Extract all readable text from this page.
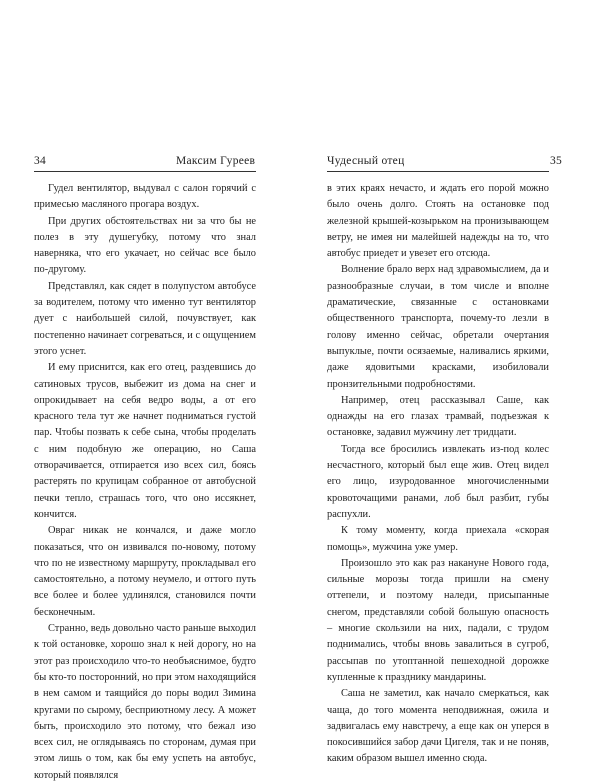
34	Максим Гуреев	Чудесный отец	35

Гудел вентилятор, выдувал с салон горячий с примесью масляного прогара воздух.

При других обстоятельствах ни за что бы не полез в эту душегубку, потому что знал наверняка, что его укачает, но сейчас все было по-другому.

Представлял, как сядет в полупустом автобусе за водителем, потому что именно тут вентилятор дует с наибольшей силой, почувствует, как постепенно начинает согреваться, и с ощущением этого уснет.

И ему приснится, как его отец, раздевшись до сатиновых трусов, выбежит из дома на снег и опрокидывает на себя ведро воды, а от его красного тела тут же начнет подниматься густой пар. Чтобы позвать к себе сына, чтобы проделать с ним подобную же операцию, но Саша отворачивается, отпирается изо всех сил, боясь растерять по крупицам собранное от автобусной печки тепло, страшась того, что оно иссякнет, кончится.

Овраг никак не кончался, и даже могло показаться, что он извивался по-новому, потому что по не известному маршруту, прокладывал его самостоятельно, а потому неумело, и оттого путь все более и более удлинялся, становился почти бесконечным.

Странно, ведь довольно часто раньше выходил к той остановке, хорошо знал к ней дорогу, но на этот раз происходило что-то необъяснимое, будто бы кто-то посторонний, но при этом находящийся в нем самом и таящийся до поры водил Зимина кругами по сырому, бесприютному лесу. А может быть, происходило это потому, что бежал изо всех сил, не оглядываясь по сторонам, думая при этом лишь о том, как бы ему успеть на автобус, который появлялся

в этих краях нечасто, и ждать его порой можно было очень долго. Стоять на остановке под железной крышей-козырьком на пронизывающем ветру, не имея ни малейшей надежды на то, что автобус приедет и увезет его отсюда.

Волнение брало верх над здравомыслием, да и разнообразные случаи, в том числе и вполне драматические, связанные с остановками общественного транспорта, почему-то лезли в голову именно сейчас, обретали очертания выпуклые, почти осязаемые, наливались яркими, даже ядовитыми красками, изобиловали пронзительными подробностями.

Например, отец рассказывал Саше, как однажды на его глазах трамвай, подъезжая к остановке, задавил мужчину лет тридцати.

Тогда все бросились извлекать из-под колес несчастного, который был еще жив. Отец видел его лицо, изуродованное многочисленными кровоточащими ранами, лоб был разбит, губы распухли.

К тому моменту, когда приехала «скорая помощь», мужчина уже умер.

Произошло это как раз накануне Нового года, сильные морозы тогда пришли на смену оттепели, и поэтому наледи, присыпанные снегом, представляли собой большую опасность – многие скользили на них, падали, с трудом поднимались, чтобы вновь завалиться в сугроб, рассыпав по утоптанной пешеходной дорожке купленные к празднику мандарины.

Саша не заметил, как начало смеркаться, как чаща, до того момента неподвижная, ожила и задвигалась ему навстречу, а еще как он уперся в покосившийся забор дачи Цигеля, так и не поняв, каким образом вышел именно сюда.
